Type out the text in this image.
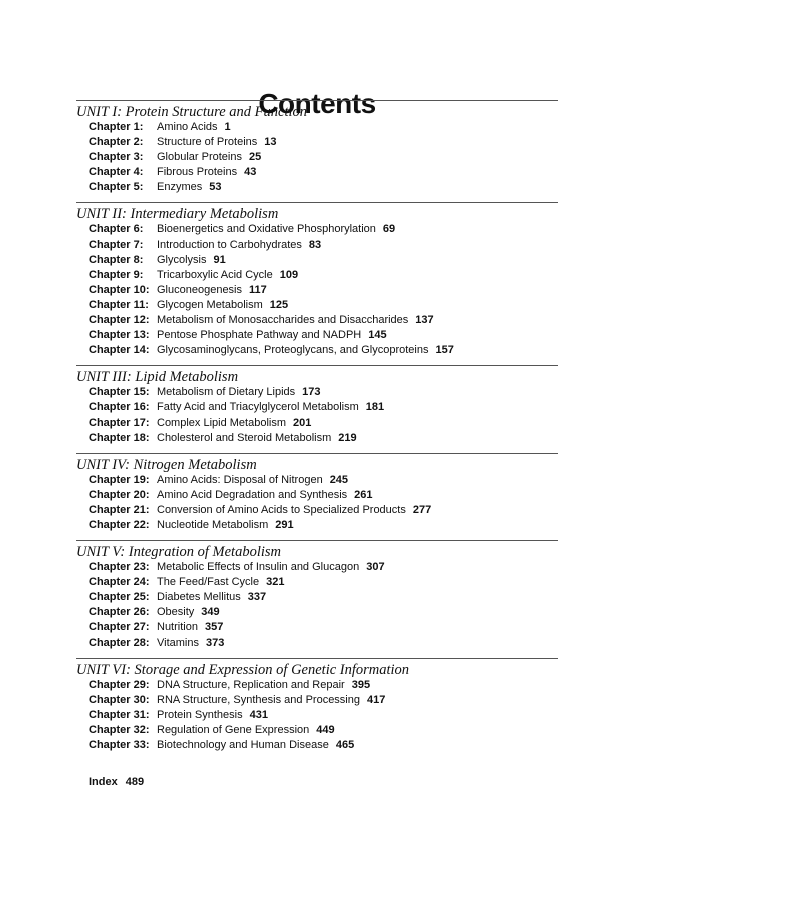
Contents
UNIT I: Protein Structure and Function
Chapter 1: Amino Acids 1
Chapter 2: Structure of Proteins 13
Chapter 3: Globular Proteins 25
Chapter 4: Fibrous Proteins 43
Chapter 5: Enzymes 53
UNIT II: Intermediary Metabolism
Chapter 6: Bioenergetics and Oxidative Phosphorylation 69
Chapter 7: Introduction to Carbohydrates 83
Chapter 8: Glycolysis 91
Chapter 9: Tricarboxylic Acid Cycle 109
Chapter 10: Gluconeogenesis 117
Chapter 11: Glycogen Metabolism 125
Chapter 12: Metabolism of Monosaccharides and Disaccharides 137
Chapter 13: Pentose Phosphate Pathway and NADPH 145
Chapter 14: Glycosaminoglycans, Proteoglycans, and Glycoproteins 157
UNIT III: Lipid Metabolism
Chapter 15: Metabolism of Dietary Lipids 173
Chapter 16: Fatty Acid and Triacylglycerol Metabolism 181
Chapter 17: Complex Lipid Metabolism 201
Chapter 18: Cholesterol and Steroid Metabolism 219
UNIT IV: Nitrogen Metabolism
Chapter 19: Amino Acids: Disposal of Nitrogen 245
Chapter 20: Amino Acid Degradation and Synthesis 261
Chapter 21: Conversion of Amino Acids to Specialized Products 277
Chapter 22: Nucleotide Metabolism 291
UNIT V: Integration of Metabolism
Chapter 23: Metabolic Effects of Insulin and Glucagon 307
Chapter 24: The Feed/Fast Cycle 321
Chapter 25: Diabetes Mellitus 337
Chapter 26: Obesity 349
Chapter 27: Nutrition 357
Chapter 28: Vitamins 373
UNIT VI: Storage and Expression of Genetic Information
Chapter 29: DNA Structure, Replication and Repair 395
Chapter 30: RNA Structure, Synthesis and Processing 417
Chapter 31: Protein Synthesis 431
Chapter 32: Regulation of Gene Expression 449
Chapter 33: Biotechnology and Human Disease 465
Index 489
